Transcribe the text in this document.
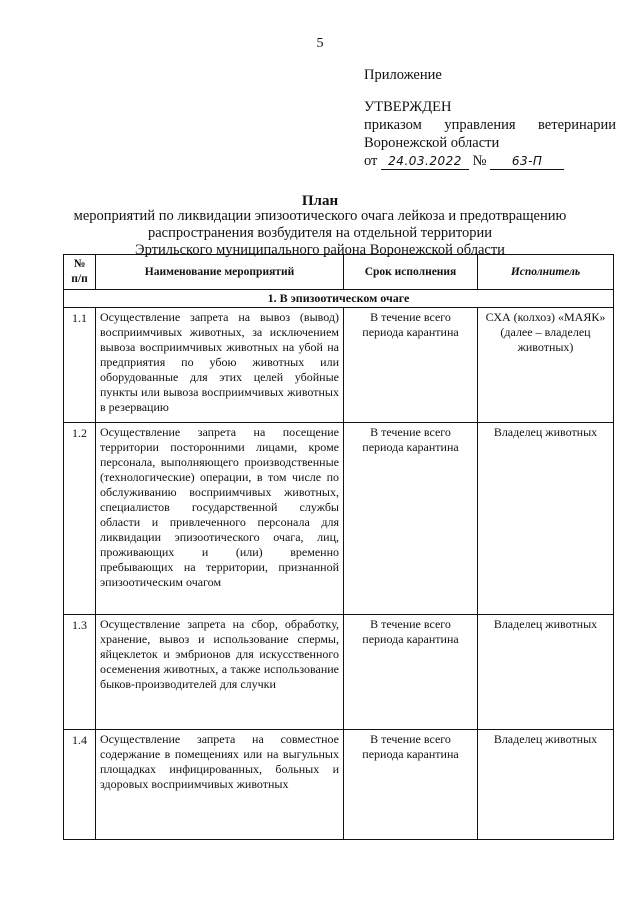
5
Приложение
УТВЕРЖДЕН
приказом управления ветеринарии
Воронежской области
от 24.03.2022 № 63-П
План
мероприятий по ликвидации эпизоотического очага лейкоза и предотвращению
распространения возбудителя на отдельной территории
Эртильского муниципального района Воронежской области
№ п/п	Наименование мероприятий	Срок исполнения	Исполнитель
1. В эпизоотическом очаге			
1.1	Осуществление запрета на вывоз (вывод) восприимчивых животных, за исключением вывоза восприимчивых животных на убой на предприятия по убою животных или оборудованные для этих целей убойные пункты или вывоза восприимчивых животных в резервацию	В течение всего периода карантина	СХА (колхоз) «МАЯК» (далее – владелец животных)
1.2	Осуществление запрета на посещение территории посторонними лицами, кроме персонала, выполняющего производственные (технологические) операции, в том числе по обслуживанию восприимчивых животных, специалистов государственной службы области и привлеченного персонала для ликвидации эпизоотического очага, лиц, проживающих и (или) временно пребывающих на территории, признанной эпизоотическим очагом	В течение всего периода карантина	Владелец животных
1.3	Осуществление запрета на сбор, обработку, хранение, вывоз и использование спермы, яйцеклеток и эмбрионов для искусственного осеменения животных, а также использование быков-производителей для случки	В течение всего периода карантина	Владелец животных
1.4	Осуществление запрета на совместное содержание в помещениях или на выгульных площадках инфицированных, больных и здоровых восприимчивых животных	В течение всего периода карантина	Владелец животных
